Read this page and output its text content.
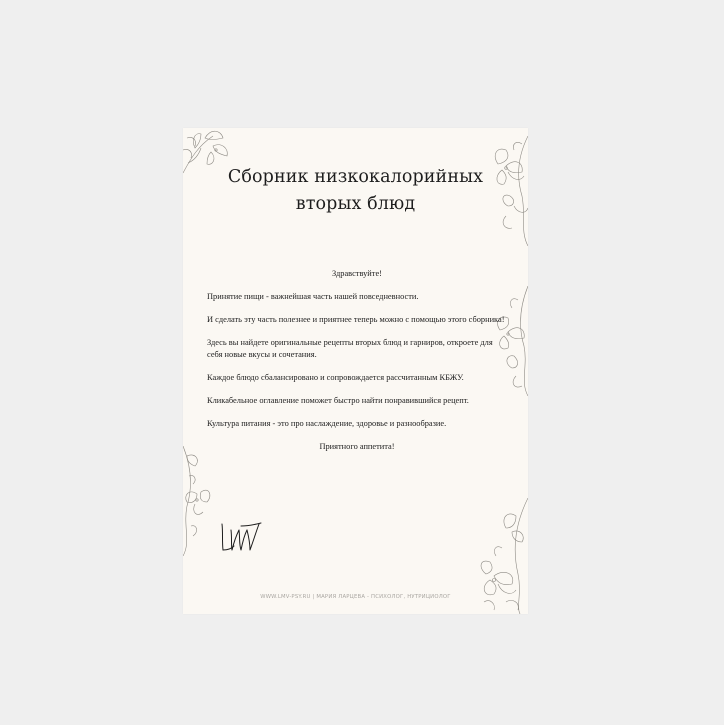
Сборник низкокалорийных
вторых блюд

Здравствуйте!

Принятие пищи - важнейшая часть нашей повседневности.

И сделать эту часть полезнее и приятнее теперь можно с помощью этого сборника!

Здесь вы найдете оригинальные рецепты вторых блюд и гарниров, откроете для себя новые вкусы и сочетания.

Каждое блюдо сбалансировано и сопровождается рассчитанным КБЖУ.

Кликабельное оглавление поможет быстро найти понравившийся рецепт.

Культура питания - это про наслаждение, здоровье и разнообразие.

Приятного аппетита!

WWW.LMV-PSY.RU | МАРИЯ ЛАРЦЕВА - ПСИХОЛОГ, НУТРИЦИОЛОГ
